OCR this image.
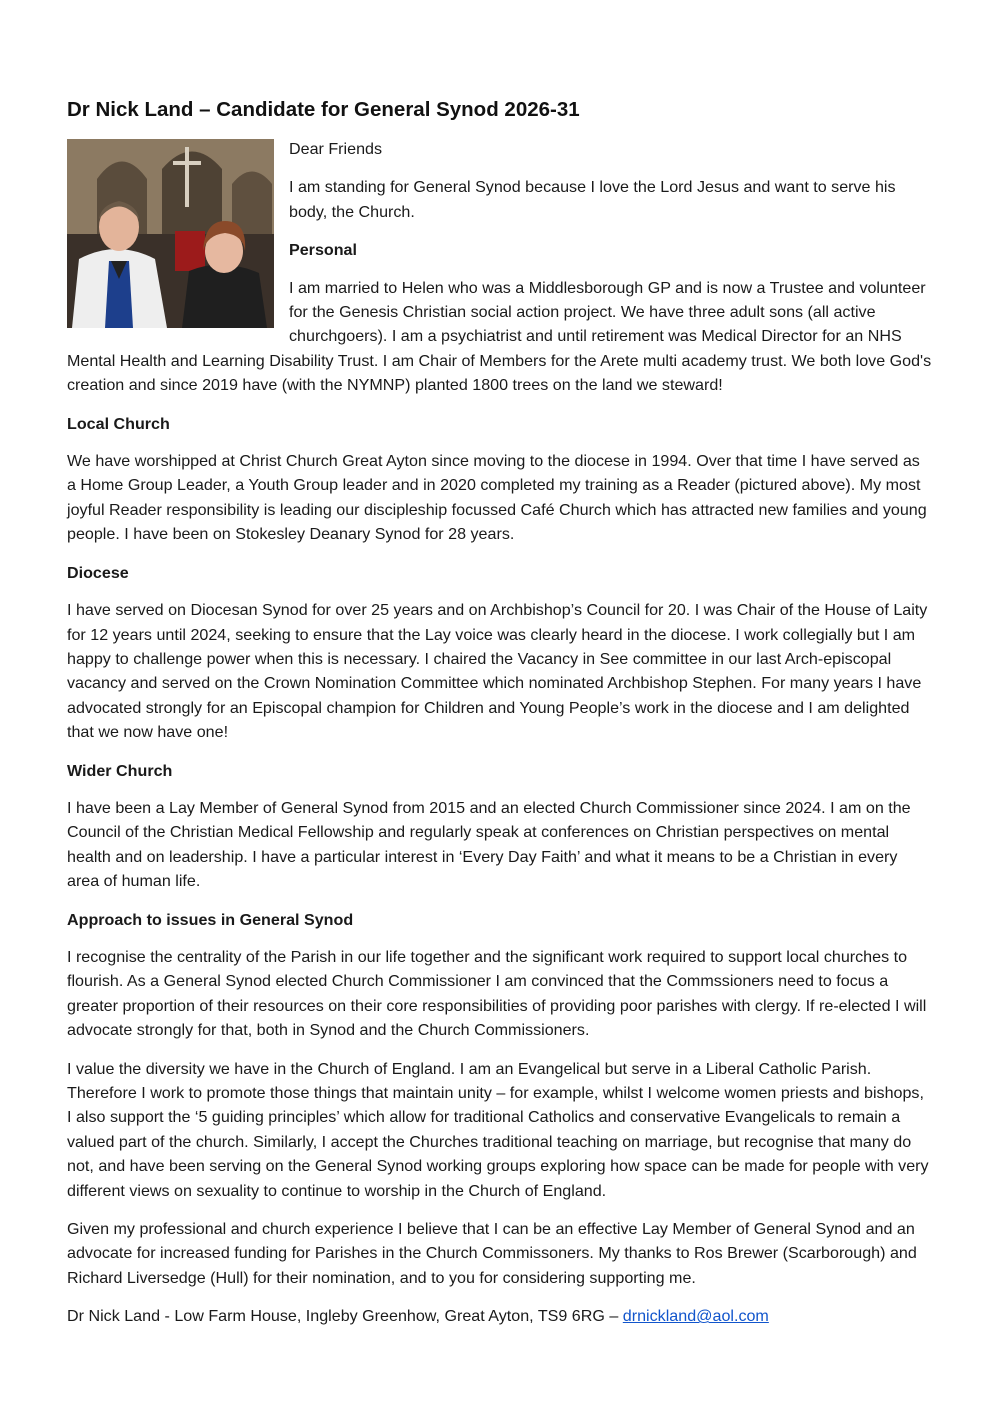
Dr Nick Land – Candidate for General Synod 2026-31

Dear Friends

I am standing for General Synod because I love the Lord Jesus and want to serve his body, the Church.

Personal

I am married to Helen who was a Middlesborough GP and is now a Trustee and volunteer for the Genesis Christian social action project. We have three adult sons (all active churchgoers). I am a psychiatrist and until retirement was Medical Director for an NHS Mental Health and Learning Disability Trust. I am Chair of Members for the Arete multi academy trust. We both love God's creation and since 2019 have (with the NYMNP) planted 1800 trees on the land we steward!

Local Church

We have worshipped at Christ Church Great Ayton since moving to the diocese in 1994. Over that time I have served as a Home Group Leader, a Youth Group leader and in 2020 completed my training as a Reader (pictured above). My most joyful Reader responsibility is leading our discipleship focussed Café Church which has attracted new families and young people. I have been on Stokesley Deanary Synod for 28 years.

Diocese

I have served on Diocesan Synod for over 25 years and on Archbishop’s Council for 20. I was Chair of the House of Laity for 12 years until 2024, seeking to ensure that the Lay voice was clearly heard in the diocese. I work collegially but I am happy to challenge power when this is necessary. I chaired the Vacancy in See committee in our last Arch-episcopal vacancy and served on the Crown Nomination Committee which nominated Archbishop Stephen. For many years I have advocated strongly for an Episcopal champion for Children and Young People’s work in the diocese and I am delighted that we now have one!

Wider Church

I have been a Lay Member of General Synod from 2015 and an elected Church Commissioner since 2024. I am on the Council of the Christian Medical Fellowship and regularly speak at conferences on Christian perspectives on mental health and on leadership. I have a particular interest in ‘Every Day Faith’ and what it means to be a Christian in every area of human life.

Approach to issues in General Synod

I recognise the centrality of the Parish in our life together and the significant work required to support local churches to flourish. As a General Synod elected Church Commissioner I am convinced that the Commssioners need to focus a greater proportion of their resources on their core responsibilities of providing poor parishes with clergy. If re-elected I will advocate strongly for that, both in Synod and the Church Commissioners.

I value the diversity we have in the Church of England. I am an Evangelical but serve in a Liberal Catholic Parish. Therefore I work to promote those things that maintain unity – for example, whilst I welcome women priests and bishops, I also support the ‘5 guiding principles’ which allow for traditional Catholics and conservative Evangelicals to remain a valued part of the church. Similarly, I accept the Churches traditional teaching on marriage, but recognise that many do not, and have been serving on the General Synod working groups exploring how space can be made for people with very different views on sexuality to continue to worship in the Church of England.

Given my professional and church experience I believe that I can be an effective Lay Member of General Synod and an advocate for increased funding for Parishes in the Church Commissoners. My thanks to Ros Brewer (Scarborough) and Richard Liversedge (Hull) for their nomination, and to you for considering supporting me.

Dr Nick Land - Low Farm House, Ingleby Greenhow, Great Ayton, TS9 6RG – drnickland@aol.com
